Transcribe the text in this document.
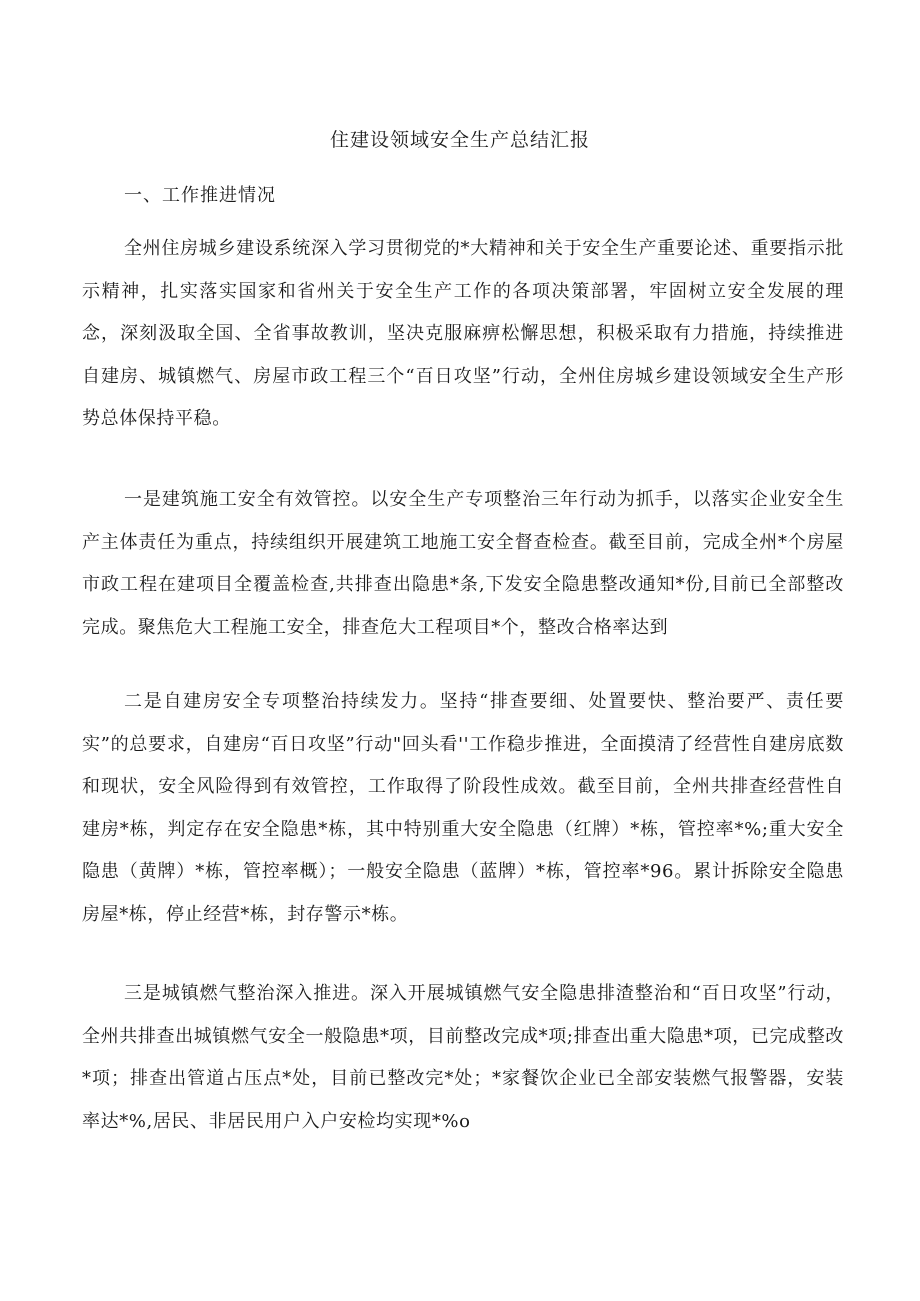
住建设领域安全生产总结汇报

一、工作推进情况

全州住房城乡建设系统深入学习贯彻党的*大精神和关于安全生产重要论述、重要指示批示精神，扎实落实国家和省州关于安全生产工作的各项决策部署，牢固树立安全发展的理念，深刻汲取全国、全省事故教训，坚决克服麻痹松懈思想，积极采取有力措施，持续推进自建房、城镇燃气、房屋市政工程三个“百日攻坚”行动，全州住房城乡建设领域安全生产形势总体保持平稳。

一是建筑施工安全有效管控。以安全生产专项整治三年行动为抓手，以落实企业安全生产主体责任为重点，持续组织开展建筑工地施工安全督查检查。截至目前，完成全州*个房屋市政工程在建项目全覆盖检查,共排查出隐患*条,下发安全隐患整改通知*份,目前已全部整改完成。聚焦危大工程施工安全，排查危大工程项目*个，整改合格率达到

二是自建房安全专项整治持续发力。坚持“排查要细、处置要快、整治要严、责任要实”的总要求，自建房“百日攻坚”行动"回头看''工作稳步推进，全面摸清了经营性自建房底数和现状，安全风险得到有效管控，工作取得了阶段性成效。截至目前，全州共排查经营性自建房*栋，判定存在安全隐患*栋，其中特别重大安全隐患（红牌）*栋，管控率*%;重大安全隐患（黄牌）*栋，管控率概）；一般安全隐患（蓝牌）*栋，管控率*96。累计拆除安全隐患房屋*栋，停止经营*栋，封存警示*栋。

三是城镇燃气整治深入推进。深入开展城镇燃气安全隐患排渣整治和“百日攻坚”行动，全州共排查出城镇燃气安全一般隐患*项，目前整改完成*项;排查出重大隐患*项，已完成整改*项；排查出管道占压点*处，目前已整改完*处；*家餐饮企业已全部安装燃气报警器，安装率达*%,居民、非居民用户入户安检均实现*%o
